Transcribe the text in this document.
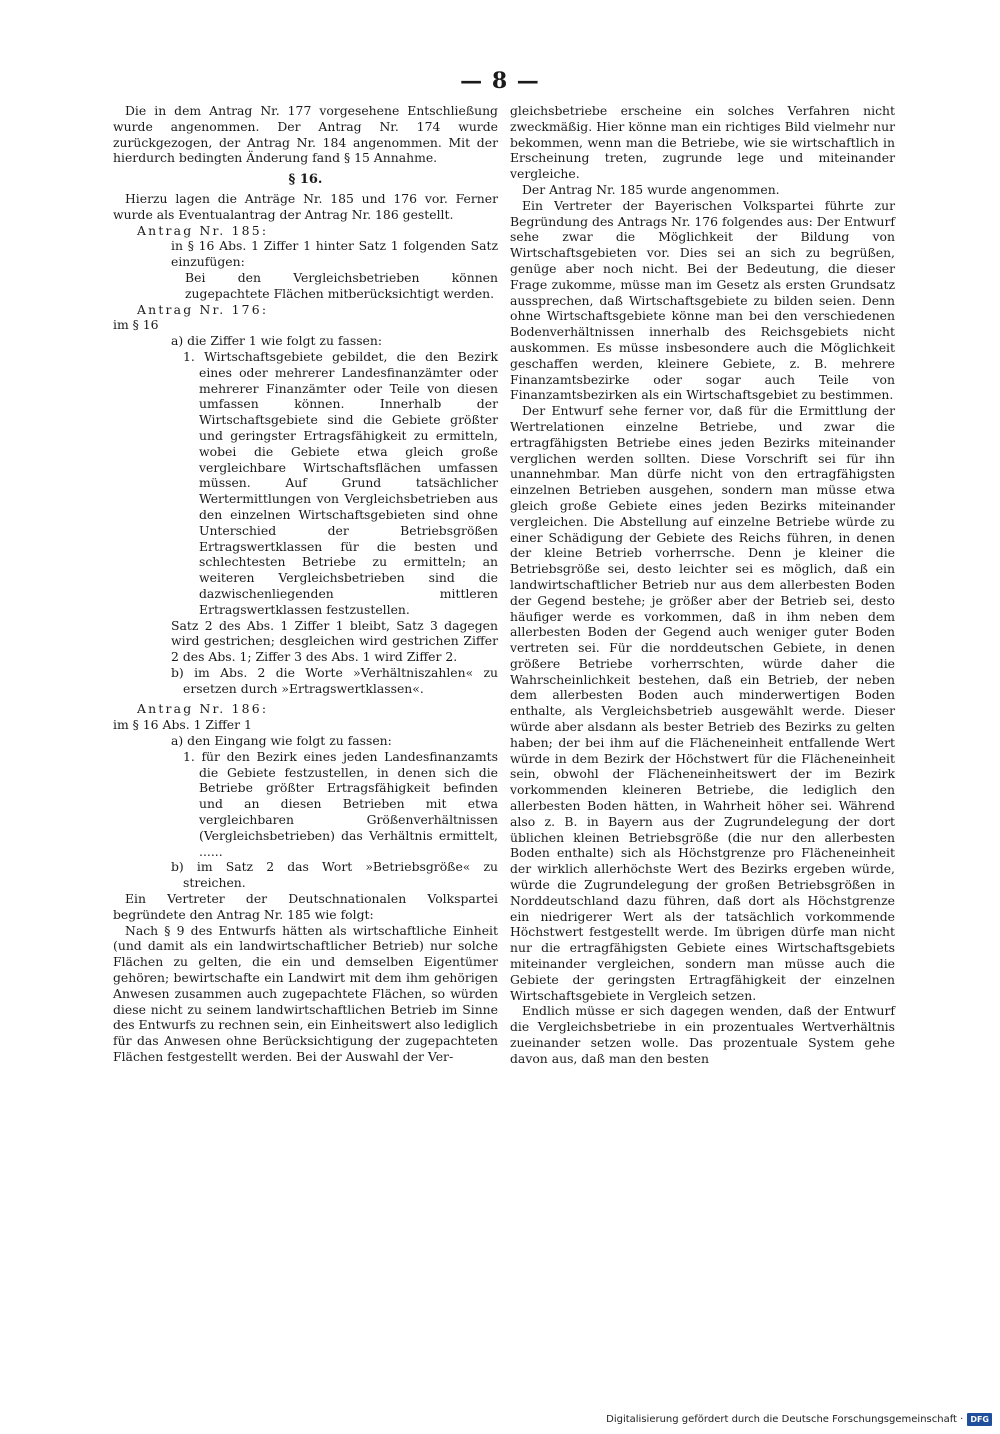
— 8 —

Die in dem Antrag Nr. 177 vorgesehene Entschließung wurde angenommen. Der Antrag Nr. 174 wurde zurückgezogen, der Antrag Nr. 184 angenommen. Mit der hierdurch bedingten Änderung fand § 15 Annahme.

§ 16.

Hierzu lagen die Anträge Nr. 185 und 176 vor. Ferner wurde als Eventualantrag der Antrag Nr. 186 gestellt.

Antrag Nr. 185:

in § 16 Abs. 1 Ziffer 1 hinter Satz 1 folgenden Satz einzufügen:

Bei den Vergleichsbetrieben können zugepachtete Flächen mitberücksichtigt werden.

Antrag Nr. 176:

im § 16

a) die Ziffer 1 wie folgt zu fassen:

1. Wirtschaftsgebiete gebildet, die den Bezirk eines oder mehrerer Landesfinanzämter oder mehrerer Finanzämter oder Teile von diesen umfassen können. Innerhalb der Wirtschaftsgebiete sind die Gebiete größter und geringster Ertragsfähigkeit zu ermitteln, wobei die Gebiete etwa gleich große vergleichbare Wirtschaftsflächen umfassen müssen. Auf Grund tatsächlicher Wertermittlungen von Vergleichsbetrieben aus den einzelnen Wirtschaftsgebieten sind ohne Unterschied der Betriebsgrößen Ertragswertklassen für die besten und schlechtesten Betriebe zu ermitteln; an weiteren Vergleichsbetrieben sind die dazwischenliegenden mittleren Ertragswertklassen festzustellen.

Satz 2 des Abs. 1 Ziffer 1 bleibt, Satz 3 dagegen wird gestrichen; desgleichen wird gestrichen Ziffer 2 des Abs. 1; Ziffer 3 des Abs. 1 wird Ziffer 2.

b) im Abs. 2 die Worte »Verhältniszahlen« zu ersetzen durch »Ertragswertklassen«.

Antrag Nr. 186:

im § 16 Abs. 1 Ziffer 1

a) den Eingang wie folgt zu fassen:

1. für den Bezirk eines jeden Landesfinanzamts die Gebiete festzustellen, in denen sich die Betriebe größter Ertragsfähigkeit befinden und an diesen Betrieben mit etwa vergleichbaren Größenverhältnissen (Vergleichsbetrieben) das Verhältnis ermittelt, ......

b) im Satz 2 das Wort »Betriebsgröße« zu streichen.

Ein Vertreter der Deutschnationalen Volkspartei begründete den Antrag Nr. 185 wie folgt:

Nach § 9 des Entwurfs hätten als wirtschaftliche Einheit (und damit als ein landwirtschaftlicher Betrieb) nur solche Flächen zu gelten, die ein und demselben Eigentümer gehören; bewirtschafte ein Landwirt mit dem ihm gehörigen Anwesen zusammen auch zugepachtete Flächen, so würden diese nicht zu seinem landwirtschaftlichen Betrieb im Sinne des Entwurfs zu rechnen sein, ein Einheitswert also lediglich für das Anwesen ohne Berücksichtigung der zugepachteten Flächen festgestellt werden. Bei der Auswahl der Ver-

gleichsbetriebe erscheine ein solches Verfahren nicht zweckmäßig. Hier könne man ein richtiges Bild vielmehr nur bekommen, wenn man die Betriebe, wie sie wirtschaftlich in Erscheinung treten, zugrunde lege und miteinander vergleiche.

Der Antrag Nr. 185 wurde angenommen.

Ein Vertreter der Bayerischen Volkspartei führte zur Begründung des Antrags Nr. 176 folgendes aus: Der Entwurf sehe zwar die Möglichkeit der Bildung von Wirtschaftsgebieten vor. Dies sei an sich zu begrüßen, genüge aber noch nicht. Bei der Bedeutung, die dieser Frage zukomme, müsse man im Gesetz als ersten Grundsatz aussprechen, daß Wirtschaftsgebiete zu bilden seien. Denn ohne Wirtschaftsgebiete könne man bei den verschiedenen Bodenverhältnissen innerhalb des Reichsgebiets nicht auskommen. Es müsse insbesondere auch die Möglichkeit geschaffen werden, kleinere Gebiete, z. B. mehrere Finanzamtsbezirke oder sogar auch Teile von Finanzamtsbezirken als ein Wirtschaftsgebiet zu bestimmen.

Der Entwurf sehe ferner vor, daß für die Ermittlung der Wertrelationen einzelne Betriebe, und zwar die ertragfähigsten Betriebe eines jeden Bezirks miteinander verglichen werden sollten. Diese Vorschrift sei für ihn unannehmbar. Man dürfe nicht von den ertragfähigsten einzelnen Betrieben ausgehen, sondern man müsse etwa gleich große Gebiete eines jeden Bezirks miteinander vergleichen. Die Abstellung auf einzelne Betriebe würde zu einer Schädigung der Gebiete des Reichs führen, in denen der kleine Betrieb vorherrsche. Denn je kleiner die Betriebsgröße sei, desto leichter sei es möglich, daß ein landwirtschaftlicher Betrieb nur aus dem allerbesten Boden der Gegend bestehe; je größer aber der Betrieb sei, desto häufiger werde es vorkommen, daß in ihm neben dem allerbesten Boden der Gegend auch weniger guter Boden vertreten sei. Für die norddeutschen Gebiete, in denen größere Betriebe vorherrschten, würde daher die Wahrscheinlichkeit bestehen, daß ein Betrieb, der neben dem allerbesten Boden auch minderwertigen Boden enthalte, als Vergleichsbetrieb ausgewählt werde. Dieser würde aber alsdann als bester Betrieb des Bezirks zu gelten haben; der bei ihm auf die Flächeneinheit entfallende Wert würde in dem Bezirk der Höchstwert für die Flächeneinheit sein, obwohl der Flächeneinheitswert der im Bezirk vorkommenden kleineren Betriebe, die lediglich den allerbesten Boden hätten, in Wahrheit höher sei. Während also z. B. in Bayern aus der Zugrundelegung der dort üblichen kleinen Betriebsgröße (die nur den allerbesten Boden enthalte) sich als Höchstgrenze pro Flächeneinheit der wirklich allerhöchste Wert des Bezirks ergeben würde, würde die Zugrundelegung der großen Betriebsgrößen in Norddeutschland dazu führen, daß dort als Höchstgrenze ein niedrigerer Wert als der tatsächlich vorkommende Höchstwert festgestellt werde. Im übrigen dürfe man nicht nur die ertragfähigsten Gebiete eines Wirtschaftsgebiets miteinander vergleichen, sondern man müsse auch die Gebiete der geringsten Ertragfähigkeit der einzelnen Wirtschaftsgebiete in Vergleich setzen.

Endlich müsse er sich dagegen wenden, daß der Entwurf die Vergleichsbetriebe in ein prozentuales Wertverhältnis zueinander setzen wolle. Das prozentuale System gehe davon aus, daß man den besten

Digitalisierung gefördert durch die Deutsche Forschungsgemeinschaft · DFG
